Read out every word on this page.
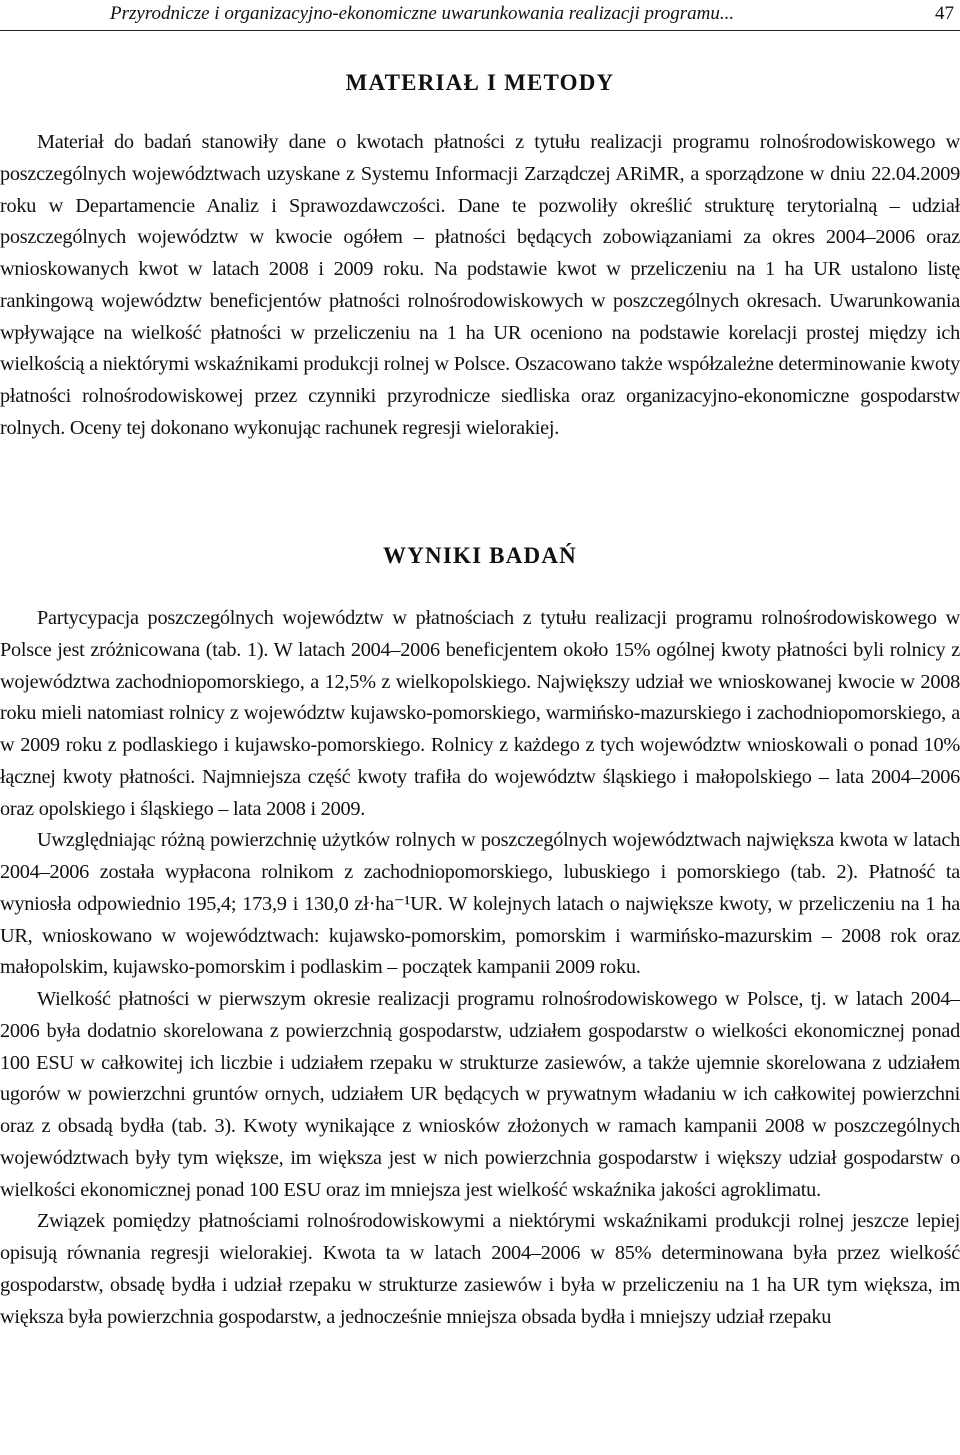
Przyrodnicze i organizacyjno-ekonomiczne uwarunkowania realizacji programu...	47
MATERIAŁ I METODY

Materiał do badań stanowiły dane o kwotach płatności z tytułu realizacji programu rolnośrodowiskowego w poszczególnych województwach uzyskane z Systemu Informacji Zarządczej ARiMR, a sporządzone w dniu 22.04.2009 roku w Departamencie Analiz i Sprawozdawczości. Dane te pozwoliły określić strukturę terytorialną – udział poszczególnych województw w kwocie ogółem – płatności będących zobowiązaniami za okres 2004–2006 oraz wnioskowanych kwot w latach 2008 i 2009 roku. Na podstawie kwot w przeliczeniu na 1 ha UR ustalono listę rankingową województw beneficjentów płatności rolnośrodowiskowych w poszczególnych okresach. Uwarunkowania wpływające na wielkość płatności w przeliczeniu na 1 ha UR oceniono na podstawie korelacji prostej między ich wielkością a niektórymi wskaźnikami produkcji rolnej w Polsce. Oszacowano także współzależne determinowanie kwoty płatności rolnośrodowiskowej przez czynniki przyrodnicze siedliska oraz organizacyjno-ekonomiczne gospodarstw rolnych. Oceny tej dokonano wykonując rachunek regresji wielorakiej.

WYNIKI BADAŃ

Partycypacja poszczególnych województw w płatnościach z tytułu realizacji programu rolnośrodowiskowego w Polsce jest zróżnicowana (tab. 1). W latach 2004–2006 beneficjentem około 15% ogólnej kwoty płatności byli rolnicy z województwa zachodniopomorskiego, a 12,5% z wielkopolskiego. Największy udział we wnioskowanej kwocie w 2008 roku mieli natomiast rolnicy z województw kujawsko-pomorskiego, warmińsko-mazurskiego i zachodniopomorskiego, a w 2009 roku z podlaskiego i kujawsko-pomorskiego. Rolnicy z każdego z tych województw wnioskowali o ponad 10% łącznej kwoty płatności. Najmniejsza część kwoty trafiła do województw śląskiego i małopolskiego – lata 2004–2006 oraz opolskiego i śląskiego – lata 2008 i 2009.

Uwzględniając różną powierzchnię użytków rolnych w poszczególnych województwach największa kwota w latach 2004–2006 została wypłacona rolnikom z zachodniopomorskiego, lubuskiego i pomorskiego (tab. 2). Płatność ta wyniosła odpowiednio 195,4; 173,9 i 130,0 zł·ha⁻¹UR. W kolejnych latach o największe kwoty, w przeliczeniu na 1 ha UR, wnioskowano w województwach: kujawsko-pomorskim, pomorskim i warmińsko-mazurskim – 2008 rok oraz małopolskim, kujawsko-pomorskim i podlaskim – początek kampanii 2009 roku.

Wielkość płatności w pierwszym okresie realizacji programu rolnośrodowiskowego w Polsce, tj. w latach 2004–2006 była dodatnio skorelowana z powierzchnią gospodarstw, udziałem gospodarstw o wielkości ekonomicznej ponad 100 ESU w całkowitej ich liczbie i udziałem rzepaku w strukturze zasiewów, a także ujemnie skorelowana z udziałem ugorów w powierzchni gruntów ornych, udziałem UR będących w prywatnym władaniu w ich całkowitej powierzchni oraz z obsadą bydła (tab. 3). Kwoty wynikające z wniosków złożonych w ramach kampanii 2008 w poszczególnych województwach były tym większe, im większa jest w nich powierzchnia gospodarstw i większy udział gospodarstw o wielkości ekonomicznej ponad 100 ESU oraz im mniejsza jest wielkość wskaźnika jakości agroklimatu.

Związek pomiędzy płatnościami rolnośrodowiskowymi a niektórymi wskaźnikami produkcji rolnej jeszcze lepiej opisują równania regresji wielorakiej. Kwota ta w latach 2004–2006 w 85% determinowana była przez wielkość gospodarstw, obsadę bydła i udział rzepaku w strukturze zasiewów i była w przeliczeniu na 1 ha UR tym większa, im większa była powierzchnia gospodarstw, a jednocześnie mniejsza obsada bydła i mniejszy udział rzepaku
